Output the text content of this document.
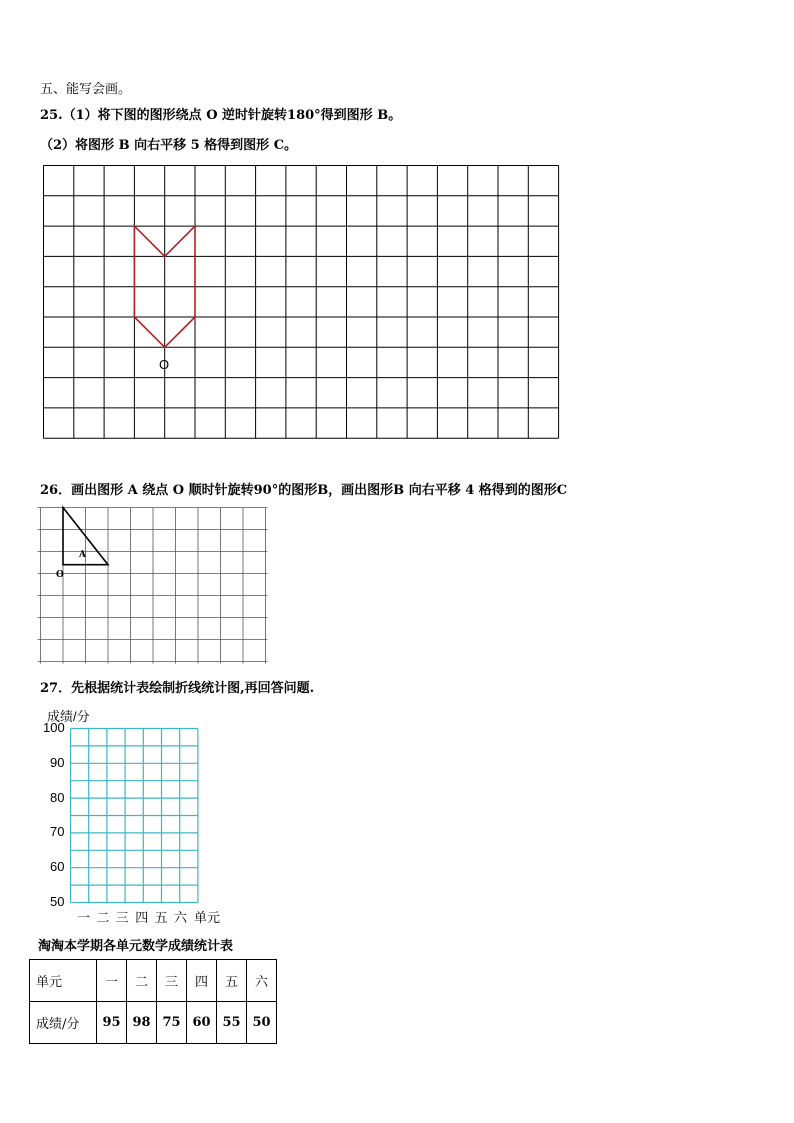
五、能写会画。
25.（1）将下图的图形绕点 O 逆时针旋转180°得到图形 B。
（2）将图形 B 向右平移 5 格得到图形 C。
O
26．画出图形 A 绕点 O 顺时针旋转90°的图形B，画出图形B 向右平移 4 格得到的图形C
A
O
27．先根据统计表绘制折线统计图,再回答问题.
成绩/分
100
90
80
70
60
50
一 二 三 四 五 六 单元
淘淘本学期各单元数学成绩统计表
单元	一	二	三	四	五	六
成绩/分	95	98	75	60	55	50
